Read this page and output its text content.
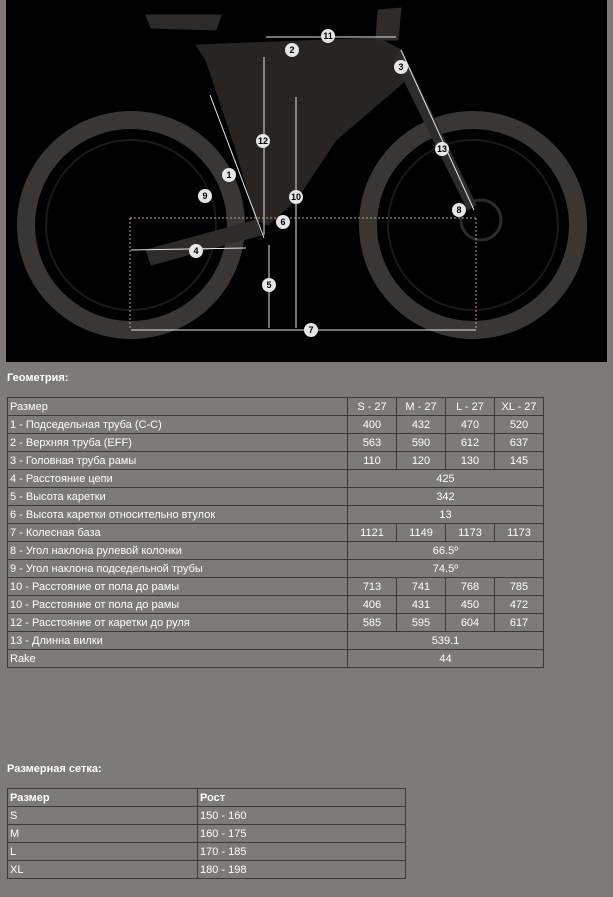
1
2
3
4
5
6
7
8
9	10
11
12
13
Геометрия:
Размер	S - 27	M - 27	L - 27	XL - 27
1 - Подседельная труба (C-C)	400	432	470	520
2 - Верхняя труба (EFF)	563	590	612	637
3 - Головная труба рамы	110	120	130	145
4 - Расстояние цепи	425			
5 - Высота каретки	342			
6 - Высота каретки относительно втулок	13			
7 - Колесная база	1121	1149	1173	1173
8 - Угол наклона рулевой колонки	66.5º			
9 - Угол наклона подседельной трубы	74.5º			
10 - Расстояние от пола до рамы	713	741	768	785
10 - Расстояние от пола до рамы	406	431	450	472
12 - Расстояние от каретки до руля	585	595	604	617
13 - Длинна вилки	539.1			
Rake	44			
Размерная сетка:
Размер	Рост
S	150 - 160
M	160 - 175
L	170 - 185
XL	180 - 198
